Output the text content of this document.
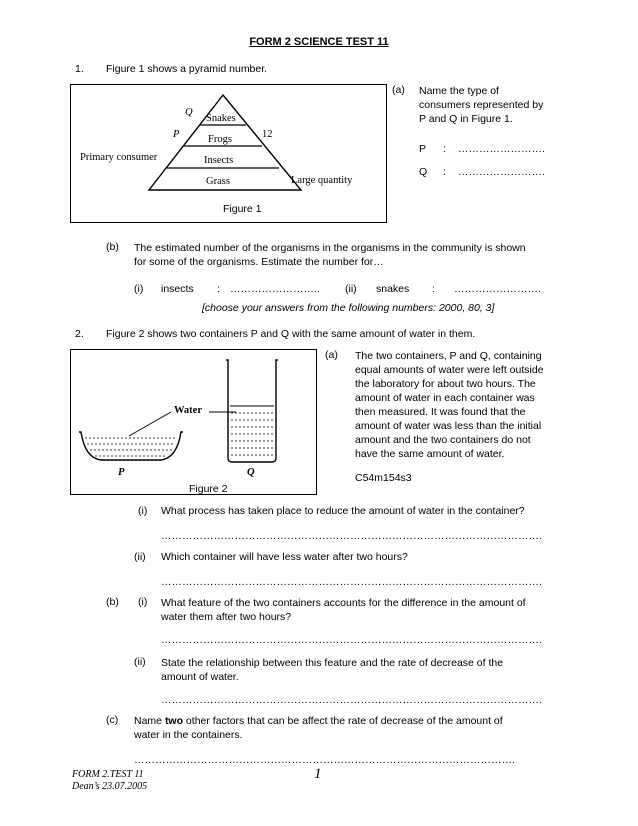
FORM 2 SCIENCE TEST 11
1. Figure 1 shows a pyramid number.
Snakes
Frogs
Insects
Grass
Q
P	12
Primary consumer
Large quantity
Figure 1
(a) Name the type of
consumers represented by
P and Q in Figure 1.
P : …………………….
Q : …………………….
(b) The estimated number of the organisms in the organisms in the community is shown
for some of the organisms. Estimate the number for…
(i) insects : …………………….. (ii) snakes : …………………….
[choose your answers from the following numbers: 2000, 80, 3]
2. Figure 2 shows two containers P and Q with the same amount of water in them.
Water
P	Q
Figure 2
(a) The two containers, P and Q, containing
equal amounts of water were left outside
the laboratory for about two hours. The
amount of water in each container was
then measured. It was found that the
amount of water was less than the initial
amount and the two containers do not
have the same amount of water.
C54m154s3
(i) What process has taken place to reduce the amount of water in the container?
……………………………………………………………………………………………….
(ii) Which container will have less water after two hours?
……………………………………………………………………………………………….
(b) (i) What feature of the two containers accounts for the difference in the amount of
water them after two hours?
……………………………………………………………………………………………….
(ii) State the relationship between this feature and the rate of decrease of the
amount of water.
……………………………………………………………………………………………….
(c) Name two other factors that can be affect the rate of decrease of the amount of
water in the containers.
……………………………………………………………………………………………….
FORM 2.TEST 11
Dean’s 23.07.2005
1
